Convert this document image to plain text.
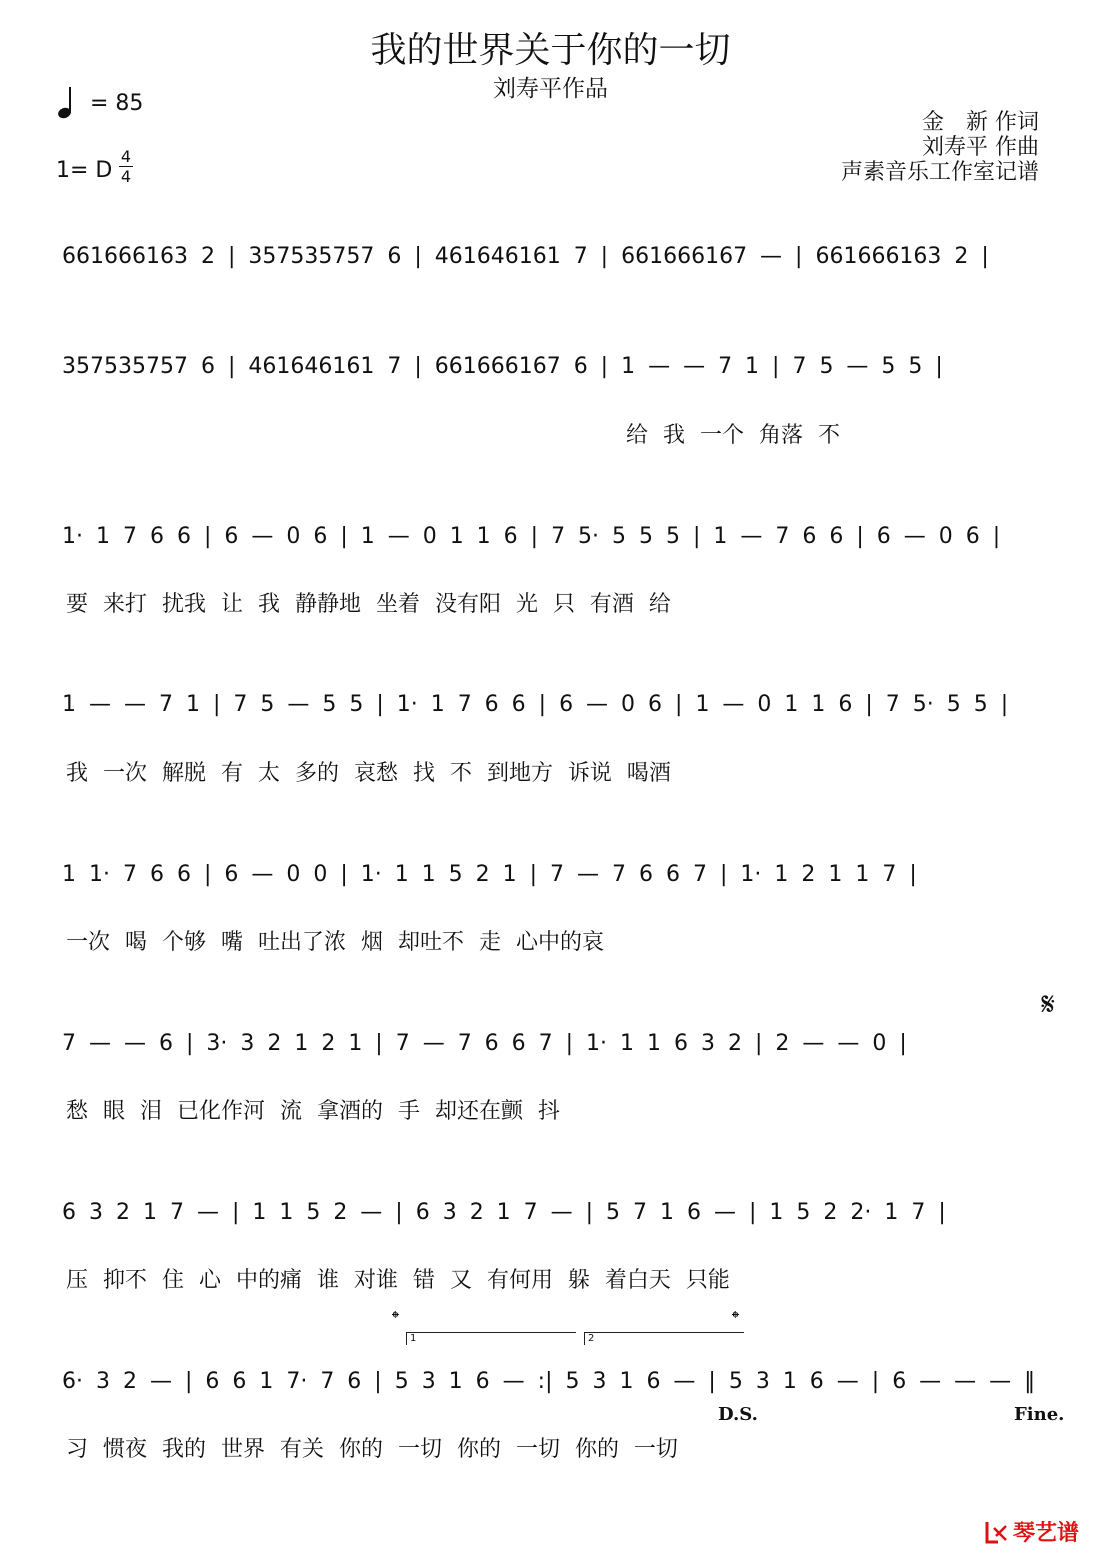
我的世界关于你的一切
刘寿平作品
= 85
1= D
4
4
金　新 作词
刘寿平 作曲
声素音乐工作室记谱
661666163 2 | 357535757 6 | 461646161 7 | 661666167 — | 661666163 2 |
357535757 6 | 461646161 7 | 661666167 6 | 1 — — 7 1 | 7 5 — 5 5 |
给 我 一个 角落 不
1· 1 7 6 6 | 6 — 0 6 | 1 — 0 1 1 6 | 7 5· 5 5 5 | 1 — 7 6 6 | 6 — 0 6 |
要 来打 扰我 让 我 静静地 坐着 没有阳 光 只 有酒 给
1 — — 7 1 | 7 5 — 5 5 | 1· 1 7 6 6 | 6 — 0 6 | 1 — 0 1 1 6 | 7 5· 5 5 |
我 一次 解脱 有 太 多的 哀愁 找 不 到地方 诉说 喝酒
1 1· 7 6 6 | 6 — 0 0 | 1· 1 1 5 2 1 | 7 — 7 6 6 7 | 1· 1 2 1 1 7 |
一次 喝 个够 嘴 吐出了浓 烟 却吐不 走 心中的哀
𝄋
7 — — 6 | 3· 3 2 1 2 1 | 7 — 7 6 6 7 | 1· 1 1 6 3 2 | 2 — — 0 |
愁 眼 泪 已化作河 流 拿酒的 手 却还在颤 抖
6 3 2 1 7 — | 1 1 5 2 — | 6 3 2 1 7 — | 5 7 1 6 — | 1 5 2 2· 1 7 |
压 抑不 住 心 中的痛 谁 对谁 错 又 有何用 躲 着白天 只能
𝄌	𝄌
1	2
6· 3 2 — | 6 6 1 7· 7 6 | 5 3 1 6 — :| 5 3 1 6 — | 5 3 1 6 — | 6 — — — ‖
D.S.	Fine.
习 惯夜 我的 世界 有关 你的 一切 你的 一切 你的 一切
琴艺谱
